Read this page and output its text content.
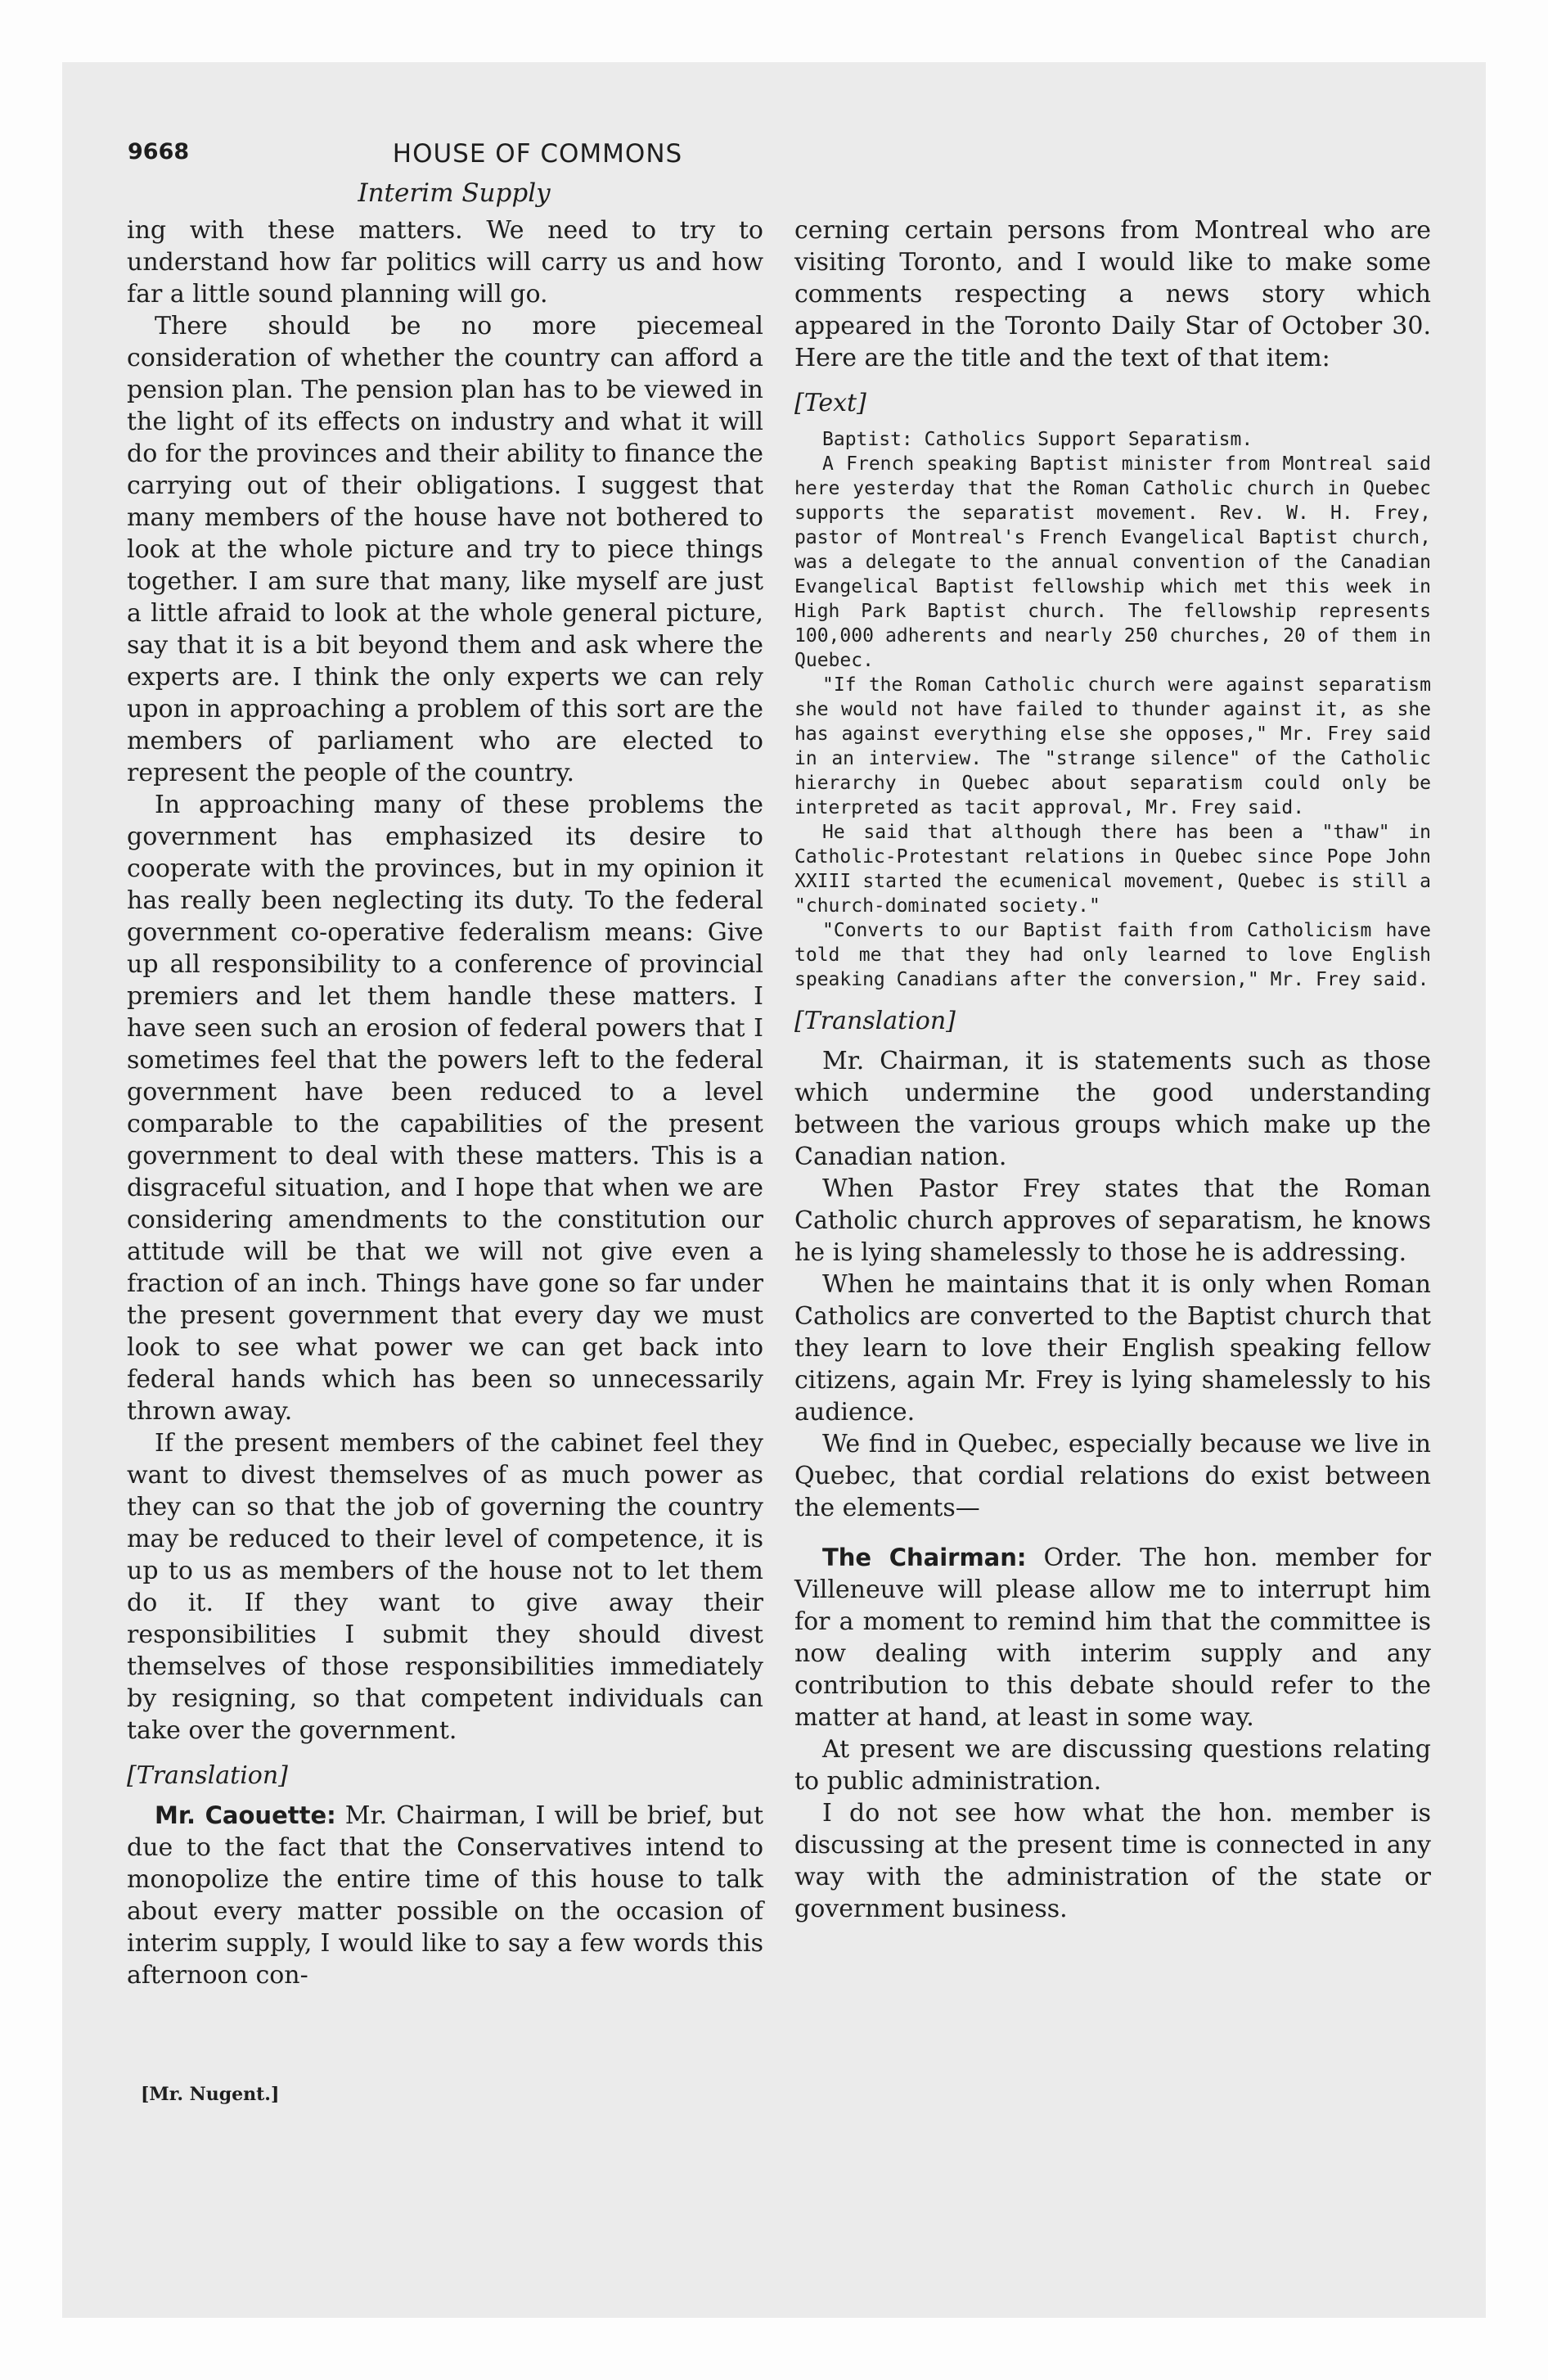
9668	HOUSE OF COMMONS
Interim Supply

ing with these matters. We need to try to understand how far politics will carry us and how far a little sound planning will go.

There should be no more piecemeal consideration of whether the country can afford a pension plan. The pension plan has to be viewed in the light of its effects on industry and what it will do for the provinces and their ability to finance the carrying out of their obligations. I suggest that many members of the house have not bothered to look at the whole picture and try to piece things together. I am sure that many, like myself are just a little afraid to look at the whole general picture, say that it is a bit beyond them and ask where the experts are. I think the only experts we can rely upon in approaching a problem of this sort are the members of parliament who are elected to represent the people of the country.

In approaching many of these problems the government has emphasized its desire to cooperate with the provinces, but in my opinion it has really been neglecting its duty. To the federal government co-operative federalism means: Give up all responsibility to a conference of provincial premiers and let them handle these matters. I have seen such an erosion of federal powers that I sometimes feel that the powers left to the federal government have been reduced to a level comparable to the capabilities of the present government to deal with these matters. This is a disgraceful situation, and I hope that when we are considering amendments to the constitution our attitude will be that we will not give even a fraction of an inch. Things have gone so far under the present government that every day we must look to see what power we can get back into federal hands which has been so unnecessarily thrown away.

If the present members of the cabinet feel they want to divest themselves of as much power as they can so that the job of governing the country may be reduced to their level of competence, it is up to us as members of the house not to let them do it. If they want to give away their responsibilities I submit they should divest themselves of those responsibilities immediately by resigning, so that competent individuals can take over the government.

[Translation]

Mr. Caouette: Mr. Chairman, I will be brief, but due to the fact that the Conservatives intend to monopolize the entire time of this house to talk about every matter possible on the occasion of interim supply, I would like to say a few words this afternoon con-

cerning certain persons from Montreal who are visiting Toronto, and I would like to make some comments respecting a news story which appeared in the Toronto Daily Star of October 30. Here are the title and the text of that item:

[Text]

Baptist: Catholics Support Separatism.

A French speaking Baptist minister from Montreal said here yesterday that the Roman Catholic church in Quebec supports the separatist movement. Rev. W. H. Frey, pastor of Montreal's French Evangelical Baptist church, was a delegate to the annual convention of the Canadian Evangelical Baptist fellowship which met this week in High Park Baptist church. The fellowship represents 100,000 adherents and nearly 250 churches, 20 of them in Quebec.

"If the Roman Catholic church were against separatism she would not have failed to thunder against it, as she has against everything else she opposes," Mr. Frey said in an interview. The "strange silence" of the Catholic hierarchy in Quebec about separatism could only be interpreted as tacit approval, Mr. Frey said.

He said that although there has been a "thaw" in Catholic-Protestant relations in Quebec since Pope John XXIII started the ecumenical movement, Quebec is still a "church-dominated society."

"Converts to our Baptist faith from Catholicism have told me that they had only learned to love English speaking Canadians after the conversion," Mr. Frey said.

[Translation]

Mr. Chairman, it is statements such as those which undermine the good understanding between the various groups which make up the Canadian nation.

When Pastor Frey states that the Roman Catholic church approves of separatism, he knows he is lying shamelessly to those he is addressing.

When he maintains that it is only when Roman Catholics are converted to the Baptist church that they learn to love their English speaking fellow citizens, again Mr. Frey is lying shamelessly to his audience.

We find in Quebec, especially because we live in Quebec, that cordial relations do exist between the elements—

The Chairman: Order. The hon. member for Villeneuve will please allow me to interrupt him for a moment to remind him that the committee is now dealing with interim supply and any contribution to this debate should refer to the matter at hand, at least in some way.

At present we are discussing questions relating to public administration.

I do not see how what the hon. member is discussing at the present time is connected in any way with the administration of the state or government business.

[Mr. Nugent.]
